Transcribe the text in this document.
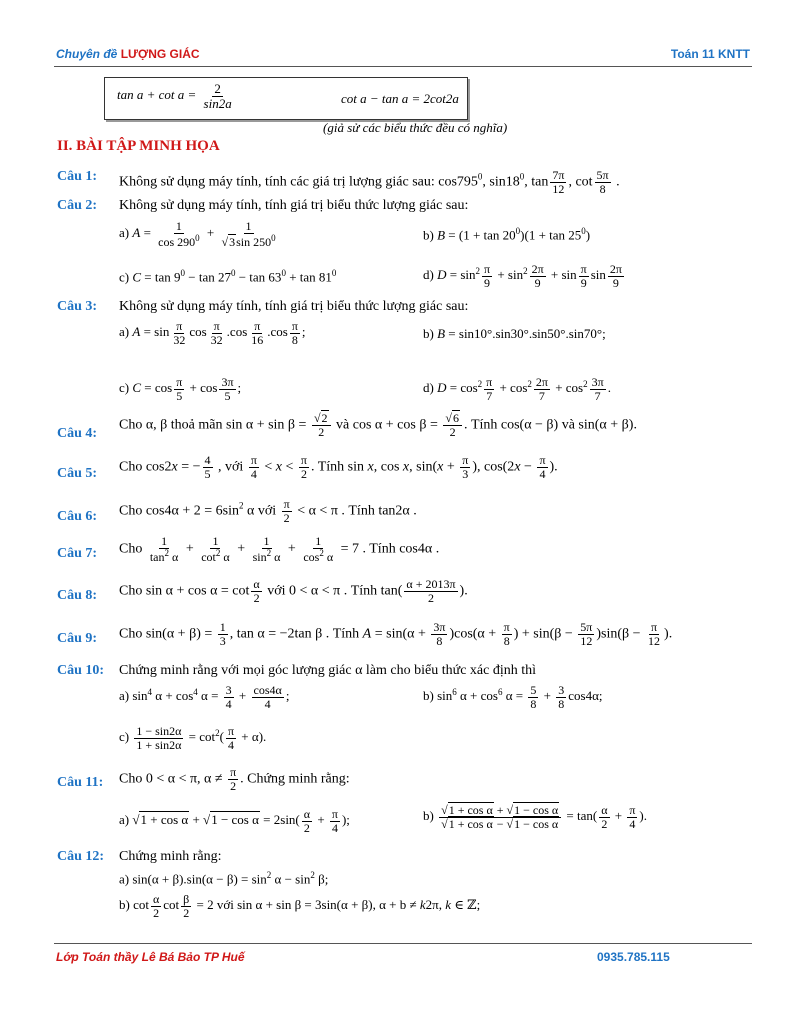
Chuyên đề LƯỢNG GIÁC	Toán 11 KNTT
$\tan a + \cot a = \frac{2}{\sin 2a}$	cot a − tan a = 2cot2a
(giả sử các biểu thức đều có nghĩa)
II. BÀI TẬP MINH HỌA
Câu 1: Không sử dụng máy tính, tính các giá trị lượng giác sau: $\cos 795^0$, $\sin 18^0$, $\tan \frac{7\pi}{12}$ , $\cot \frac{5\pi}{8}$ .
Câu 2: Không sử dụng máy tính, tính giá trị biểu thức lượng giác sau:
a) $A = \frac{1}{\cos 290^0} + \frac{1}{√3\sin 250^0}$	b) $B = (1 + \tan 20^0)(1 + \tan 25^0)$
c) $C = \tan 9^0 - \tan 27^0 - \tan 63^0 + \tan 81^0$	d) $D = \sin^2 \frac{\pi}{9} + \sin^2 \frac{2\pi}{9} + \sin \frac{\pi}{9}$ $\sin \frac{2\pi}{9}$
Câu 3: Không sử dụng máy tính, tính giá trị biểu thức lượng giác sau:
a) $A = \sin \frac{\pi}{32}$ $\cos \frac{\pi}{32} .\cos \frac{\pi}{16} .\cos \frac{\pi}{8}$ ;	b) B = sin10°.sin30°.sin50°.sin70°;
c) $C = \cos \frac{\pi}{5} + \cos \frac{3\pi}{5}$ ;	d) $D = \cos^2 \frac{\pi}{7} + \cos^2 \frac{2\pi}{7} + \cos^2 \frac{3\pi}{7}$ .
Câu 4:
Cho α, β thoả mãn $\sin \alpha + \sin \beta = \frac{√2}{2}$ và $\cos \alpha + \cos \beta = \frac{√6}{2}$ . Tính cos(α − β) và sin(α + β).
Câu 5: Cho cos2x = − $\frac{4}{5}$ , với $\frac{\pi}{4} < x < \frac{\pi}{2}$ . Tính sin x, cos x, $\sin(x + \frac{\pi}{3}$ ), $\cos(2x - \frac{\pi}{4}$ ).
Câu 6: Cho $\cos 4\alpha + 2 = 6\sin^2$ α với $\frac{\pi}{2} < \alpha < \pi$ . Tính tan2α .
Câu 7: Cho $\frac{1}{\tan^2 \alpha} + \frac{1}{\cot^2 \alpha} + \frac{1}{\sin^2 \alpha} + \frac{1}{\cos^2 \alpha} = 7$ . Tính cos4α .
Câu 8: Cho $\sin \alpha + \cos \alpha = \cot \frac{\alpha}{2}$ với 0 < α < π . Tính $\tan( \frac{\alpha + 2013\pi}{2}$ ).
Câu 9: Cho $\sin(\alpha + \beta) = \frac{1}{3}$ , tan α = −2tan β . Tính $A = \sin(\alpha + \frac{3\pi}{8} )\cos(\alpha + \frac{\pi}{8}$ ) + $\sin(\beta - \frac{5\pi}{12} )\sin(\beta - \frac{\pi}{12}$ ).
Câu 10: Chứng minh rằng với mọi góc lượng giác α làm cho biểu thức xác định thì
a) $\sin^4 \alpha + \cos^4 \alpha = \frac{3}{4} + \frac{\cos 4\alpha}{4}$ ;	b) $\sin^6 \alpha + \cos^6 \alpha = \frac{5}{8} + \frac{3}{8} \cos 4\alpha$;
$c) \frac{1 - \sin 2\alpha}{1 + \sin 2\alpha} = \cot^2( \frac{\pi}{4} + \alpha)$.
Câu 11: Cho 0 < α < π, $\alpha \ne \frac{\pi}{2}$ . Chứng minh rằng:
a) $√1 + \cos \alpha + √1 - \cos \alpha = 2\sin( \frac{\alpha}{2} + \frac{\pi}{4}$ );	$b) \frac{\text{√1 + cos α + √1 − cos α}}{\text{√1 + cos α − √1 − cos α}} = \tan( \frac{\alpha}{2} + \frac{\pi}{4}$ ).
Câu 12: Chứng minh rằng:
a) $\sin(\alpha + \beta).\sin(\alpha - \beta) = \sin^2 \alpha - \sin^2 \beta$;
b) $\cot \frac{\alpha}{2}$ $\cot \frac{\beta}{2} = 2$ với sin α + sin β = 3sin(α + β), α + b ≠ k2π, k ∈ ℤ;
Lớp Toán thầy Lê Bá Bảo TP Huế	0935.785.115
